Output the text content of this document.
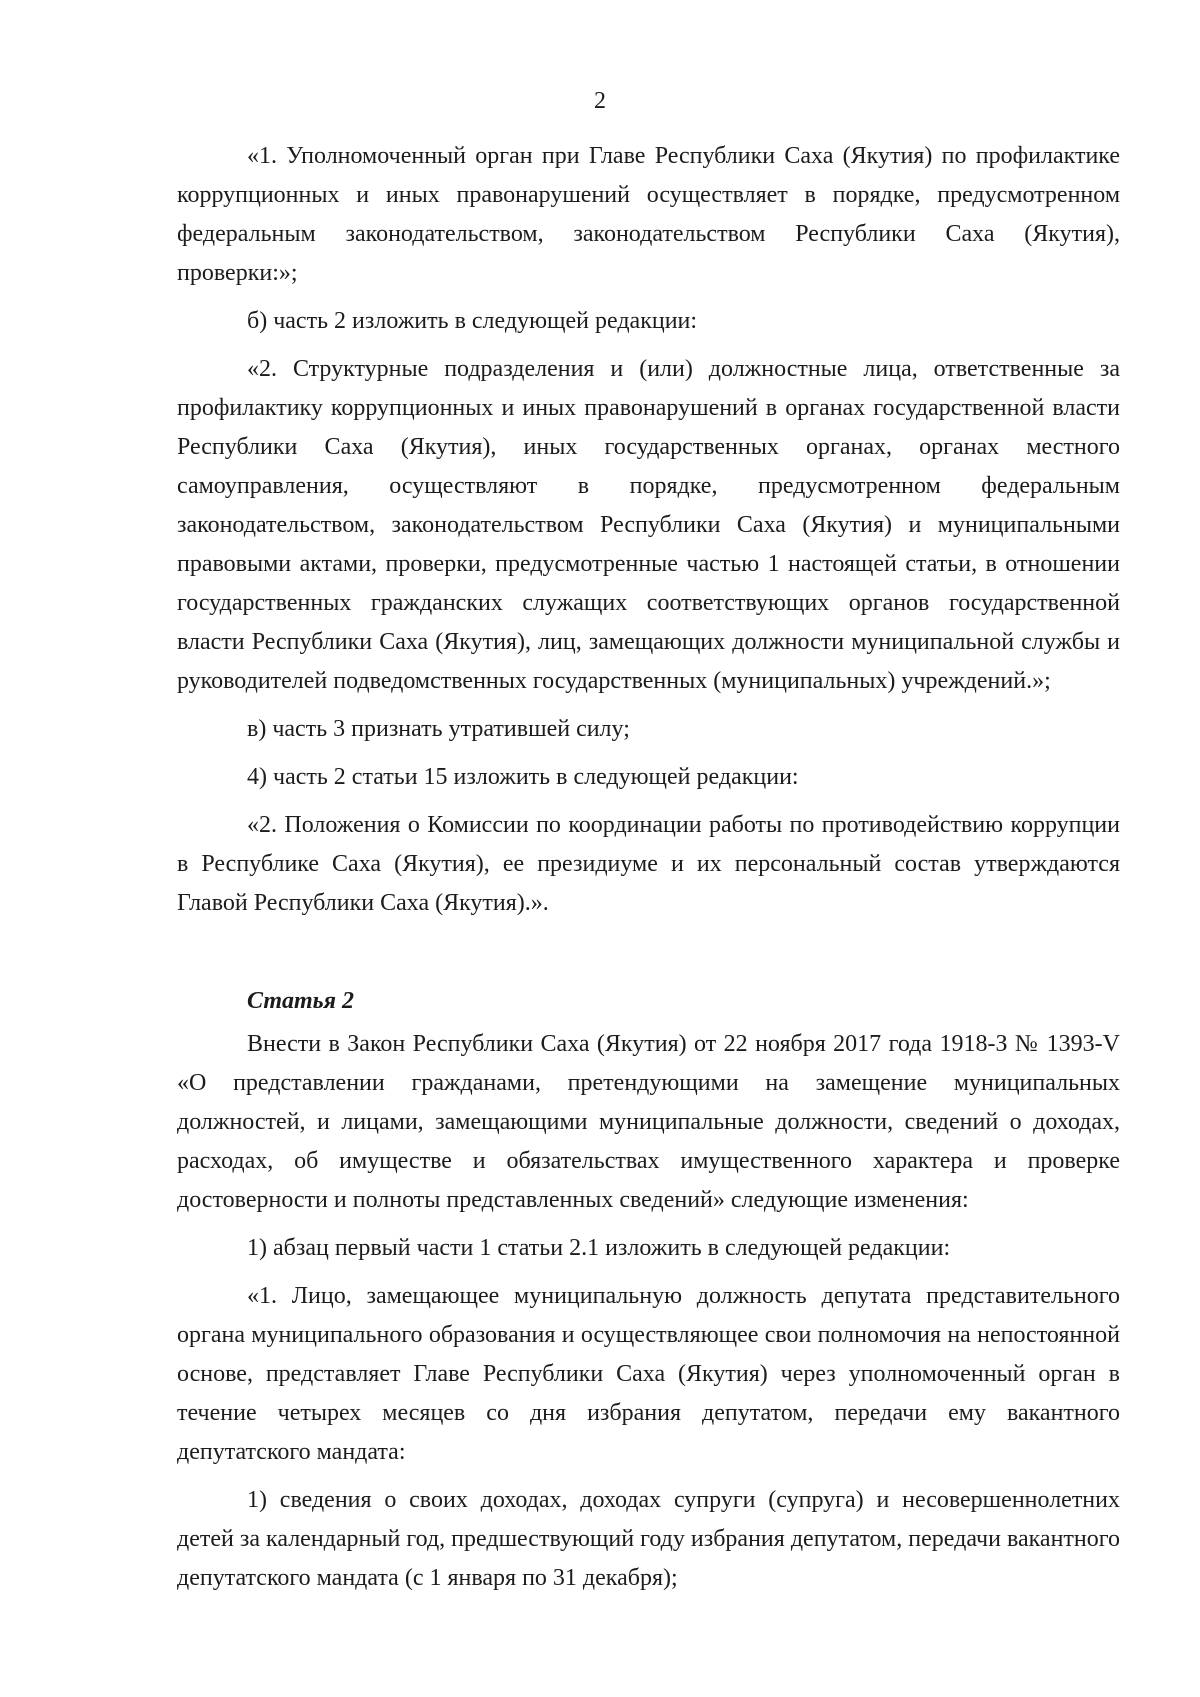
2

«1. Уполномоченный орган при Главе Республики Саха (Якутия) по профилактике коррупционных и иных правонарушений осуществляет в порядке, предусмотренном федеральным законодательством, законодательством Республики Саха (Якутия), проверки:»;

б) часть 2 изложить в следующей редакции:

«2. Структурные подразделения и (или) должностные лица, ответственные за профилактику коррупционных и иных правонарушений в органах государственной власти Республики Саха (Якутия), иных государственных органах, органах местного самоуправления, осуществляют в порядке, предусмотренном федеральным законодательством, законодательством Республики Саха (Якутия) и муниципальными правовыми актами, проверки, предусмотренные частью 1 настоящей статьи, в отношении государственных гражданских служащих соответствующих органов государственной власти Республики Саха (Якутия), лиц, замещающих должности муниципальной службы и руководителей подведомственных государственных (муниципальных) учреждений.»;

в) часть 3 признать утратившей силу;

4) часть 2 статьи 15 изложить в следующей редакции:

«2. Положения о Комиссии по координации работы по противодействию коррупции в Республике Саха (Якутия), ее президиуме и их персональный состав утверждаются Главой Республики Саха (Якутия).».

Статья 2

Внести в Закон Республики Саха (Якутия) от 22 ноября 2017 года 1918-З № 1393-V «О представлении гражданами, претендующими на замещение муниципальных должностей, и лицами, замещающими муниципальные должности, сведений о доходах, расходах, об имуществе и обязательствах имущественного характера и проверке достоверности и полноты представленных сведений» следующие изменения:

1) абзац первый части 1 статьи 2.1 изложить в следующей редакции:

«1. Лицо, замещающее муниципальную должность депутата представительного органа муниципального образования и осуществляющее свои полномочия на непостоянной основе, представляет Главе Республики Саха (Якутия) через уполномоченный орган в течение четырех месяцев со дня избрания депутатом, передачи ему вакантного депутатского мандата:

1) сведения о своих доходах, доходах супруги (супруга) и несовершеннолетних детей за календарный год, предшествующий году избрания депутатом, передачи вакантного депутатского мандата (с 1 января по 31 декабря);
